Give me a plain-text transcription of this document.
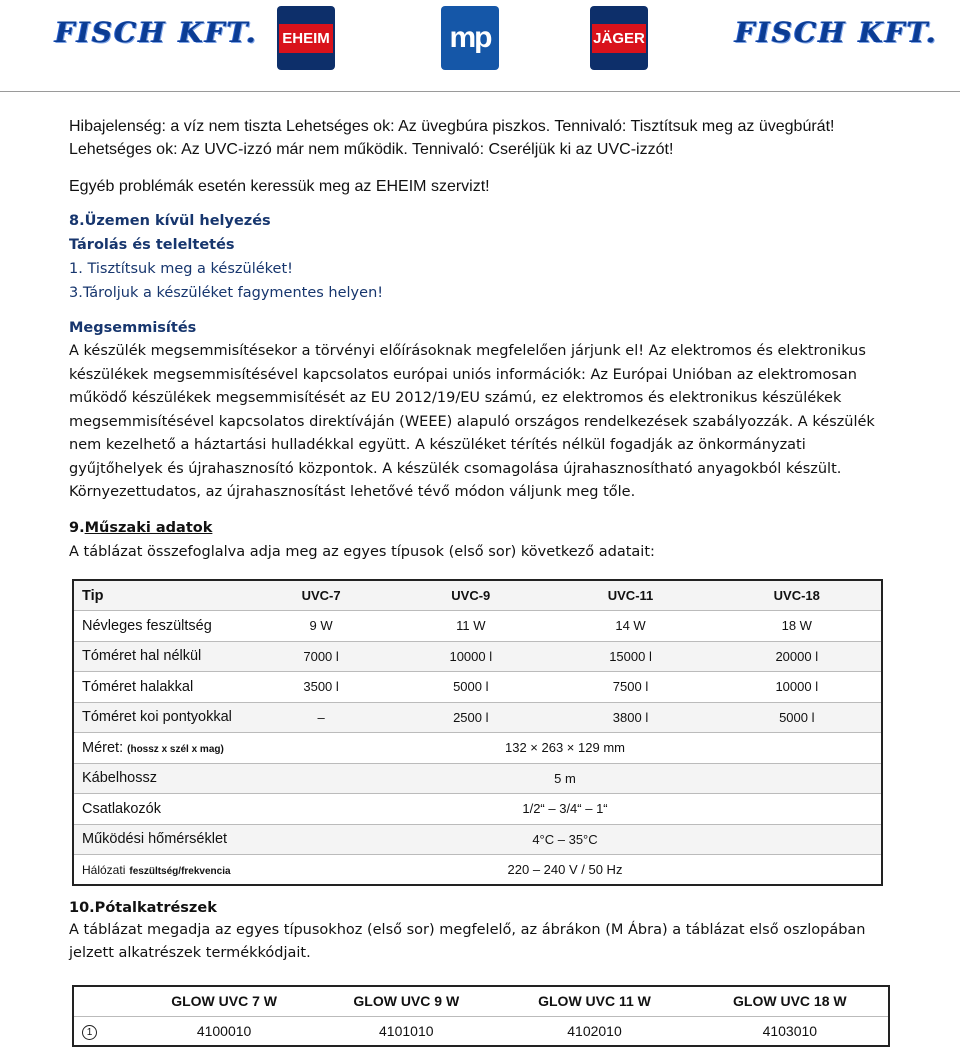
FISCH KFT. EHEIM	mp	JÄGER	FISCH KFT.
Hibajelenség: a víz nem tiszta Lehetséges ok: Az üvegbúra piszkos. Tennivaló: Tisztítsuk meg az üvegbúrát!
Lehetséges ok: Az UVC-izzó már nem működik. Tennivaló: Cseréljük ki az UVC-izzót!
Egyéb problémák esetén keressük meg az EHEIM szervizt!
8.Üzemen kívül helyezés
Tárolás és teleltetés
1. Tisztítsuk meg a készüléket!
3.Tároljuk a készüléket fagymentes helyen!
Megsemmisítés
A készülék megsemmisítésekor a törvényi előírásoknak megfelelően járjunk el! Az elektromos és elektronikus készülékek megsemmisítésével kapcsolatos európai uniós információk: Az Európai Unióban az elektromosan működő készülékek megsemmisítését az EU 2012/19/EU számú, ez elektromos és elektronikus készülékek megsemmisítésével kapcsolatos direktíváján (WEEE) alapuló országos rendelkezések szabályozzák. A készülék nem kezelhető a háztartási hulladékkal együtt. A készüléket térítés nélkül fogadják az önkormányzati gyűjtőhelyek és újrahasznosító központok. A készülék csomagolása újrahasznosítható anyagokból készült. Környezettudatos, az újrahasznosítást lehetővé tévő módon váljunk meg tőle.
9.Műszaki adatok
A táblázat összefoglalva adja meg az egyes típusok (első sor) következő adatait:
Tip	UVC-7	UVC-9	UVC-11	UVC-18
Névleges feszültség	9 W	11 W	14 W	18 W
Tóméret hal nélkül	7000 l	10000 l	15000 l	20000 l
Tóméret halakkal	3500 l	5000 l	7500 l	10000 l
Tóméret koi pontyokkal	–	2500 l	3800 l	5000 l
Méret: (hossz x szél x mag)	132 × 263 × 129 mm			
Kábelhossz	5 m			
Csatlakozók	1/2“ – 3/4“ – 1“			
Működési hőmérséklet	4°C – 35°C			
Hálózati feszültség/frekvencia	220 – 240 V / 50 Hz			
10.Pótalkatrészek
A táblázat megadja az egyes típusokhoz (első sor) megfelelő, az ábrákon (M Ábra) a táblázat első oszlopában jelzett alkatrészek termékkódjait.
	GLOW UVC 7 W	GLOW UVC 9 W	GLOW UVC 11 W	GLOW UVC 18 W
1	4100010	4101010	4102010	4103010
